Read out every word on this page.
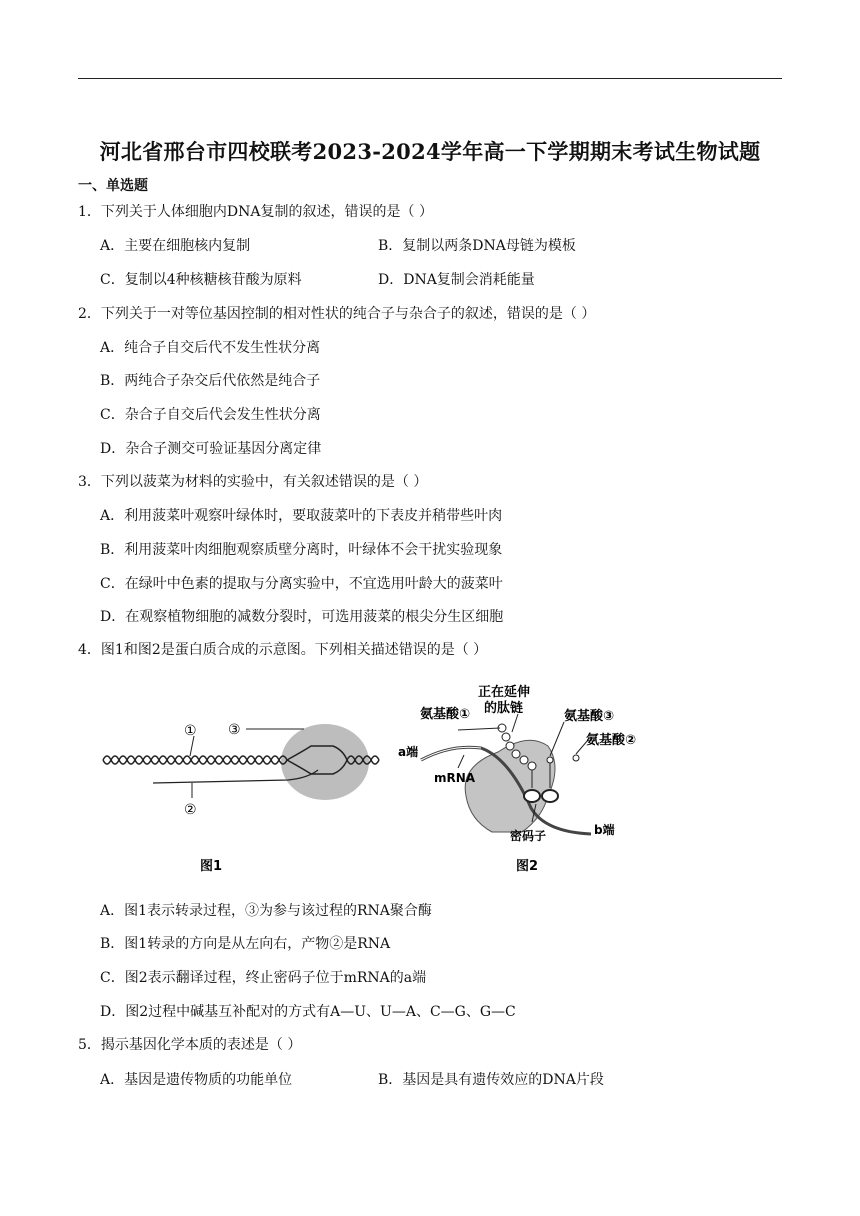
河北省邢台市四校联考2023-2024学年高一下学期期末考试生物试题
一、单选题
1．下列关于人体细胞内DNA复制的叙述，错误的是（ ）
A．主要在细胞核内复制	B．复制以两条DNA母链为模板
C．复制以4种核糖核苷酸为原料	D．DNA复制会消耗能量
2．下列关于一对等位基因控制的相对性状的纯合子与杂合子的叙述，错误的是（ ）
A．纯合子自交后代不发生性状分离
B．两纯合子杂交后代依然是纯合子
C．杂合子自交后代会发生性状分离
D．杂合子测交可验证基因分离定律
3．下列以菠菜为材料的实验中，有关叙述错误的是（ ）
A．利用菠菜叶观察叶绿体时，要取菠菜叶的下表皮并稍带些叶肉
B．利用菠菜叶肉细胞观察质壁分离时，叶绿体不会干扰实验现象
C．在绿叶中色素的提取与分离实验中，不宜选用叶龄大的菠菜叶
D．在观察植物细胞的减数分裂时，可选用菠菜的根尖分生区细胞
4．图1和图2是蛋白质合成的示意图。下列相关描述错误的是（ ）
① ③
②
图1
正在延伸
的肽链
氨基酸①	氨基酸③
氨基酸②
a端
mRNA
b端
密码子
图2
A．图1表示转录过程，③为参与该过程的RNA聚合酶
B．图1转录的方向是从左向右，产物②是RNA
C．图2表示翻译过程，终止密码子位于mRNA的a端
D．图2过程中碱基互补配对的方式有A—U、U—A、C—G、G—C
5．揭示基因化学本质的表述是（ ）
A．基因是遗传物质的功能单位	B．基因是具有遗传效应的DNA片段
